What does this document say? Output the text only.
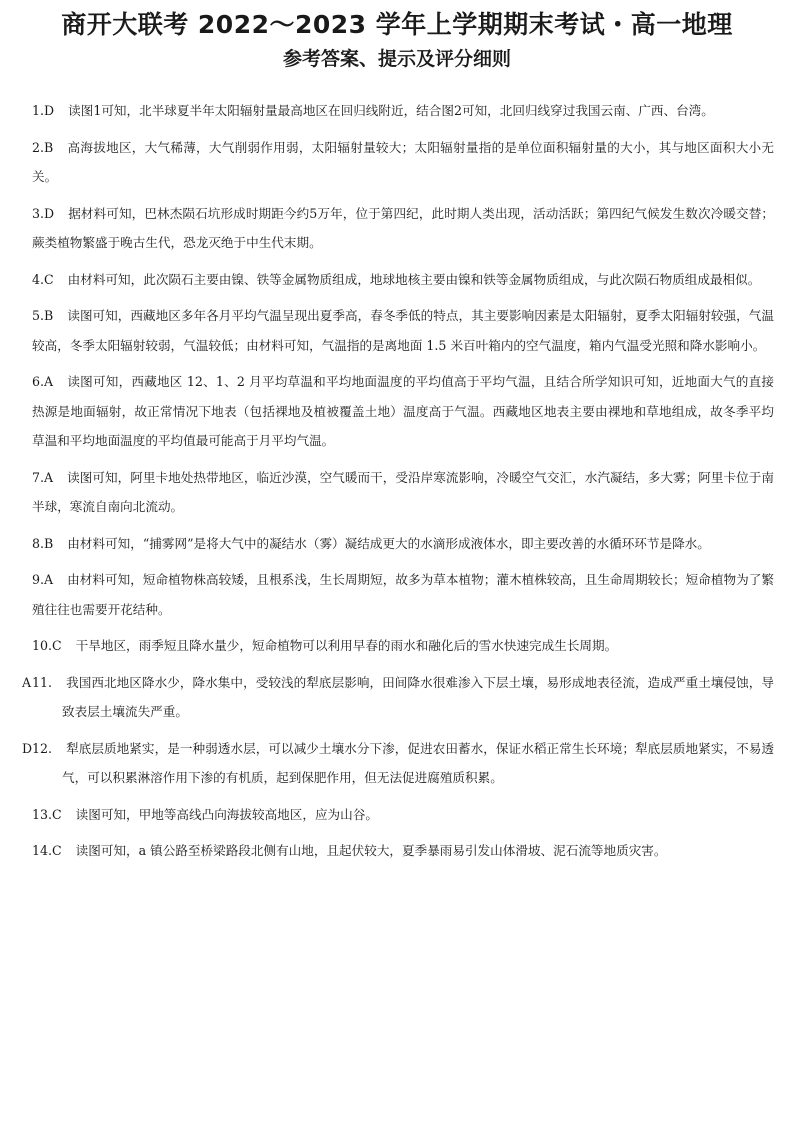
商开大联考 2022～2023 学年上学期期末考试・高一地理
参考答案、提示及评分细则
1.D 读图1可知，北半球夏半年太阳辐射量最高地区在回归线附近，结合图2可知，北回归线穿过我国云南、广西、台湾。
2.B 高海拔地区，大气稀薄，大气削弱作用弱，太阳辐射量较大；太阳辐射量指的是单位面积辐射量的大小，其与地区面积大小无关。
3.D 据材料可知，巴林杰陨石坑形成时期距今约5万年，位于第四纪，此时期人类出现，活动活跃；第四纪气候发生数次冷暖交替；蕨类植物繁盛于晚古生代，恐龙灭绝于中生代末期。
4.C 由材料可知，此次陨石主要由镍、铁等金属物质组成，地球地核主要由镍和铁等金属物质组成，与此次陨石物质组成最相似。
5.B 读图可知，西藏地区多年各月平均气温呈现出夏季高，春冬季低的特点，其主要影响因素是太阳辐射，夏季太阳辐射较强，气温较高，冬季太阳辐射较弱，气温较低；由材料可知，气温指的是离地面 1.5 米百叶箱内的空气温度，箱内气温受光照和降水影响小。
6.A 读图可知，西藏地区 12、1、2 月平均草温和平均地面温度的平均值高于平均气温，且结合所学知识可知，近地面大气的直接热源是地面辐射，故正常情况下地表（包括裸地及植被覆盖土地）温度高于气温。西藏地区地表主要由裸地和草地组成，故冬季平均草温和平均地面温度的平均值最可能高于月平均气温。
7.A 读图可知，阿里卡地处热带地区，临近沙漠，空气暖而干，受沿岸寒流影响，冷暖空气交汇，水汽凝结，多大雾；阿里卡位于南半球，寒流自南向北流动。
8.B 由材料可知，“捕雾网”是将大气中的凝结水（雾）凝结成更大的水滴形成液体水，即主要改善的水循环环节是降水。
9.A 由材料可知，短命植物株高较矮，且根系浅，生长周期短，故多为草本植物；灌木植株较高，且生命周期较长；短命植物为了繁殖往往也需要开花结种。
10.C 干旱地区，雨季短且降水量少，短命植物可以利用早春的雨水和融化后的雪水快速完成生长周期。
11.A	我国西北地区降水少，降水集中，受较浅的犁底层影响，田间降水很难渗入下层土壤，易形成地表径流，造成严重土壤侵蚀，导致表层土壤流失严重。
12.D	犁底层质地紧实，是一种弱透水层，可以减少土壤水分下渗，促进农田蓄水，保证水稻正常生长环境；犁底层质地紧实，不易透气，可以积累淋溶作用下渗的有机质，起到保肥作用，但无法促进腐殖质积累。
13.C 读图可知，甲地等高线凸向海拔较高地区，应为山谷。
14.C 读图可知，a 镇公路至桥梁路段北侧有山地，且起伏较大，夏季暴雨易引发山体滑坡、泥石流等地质灾害。
